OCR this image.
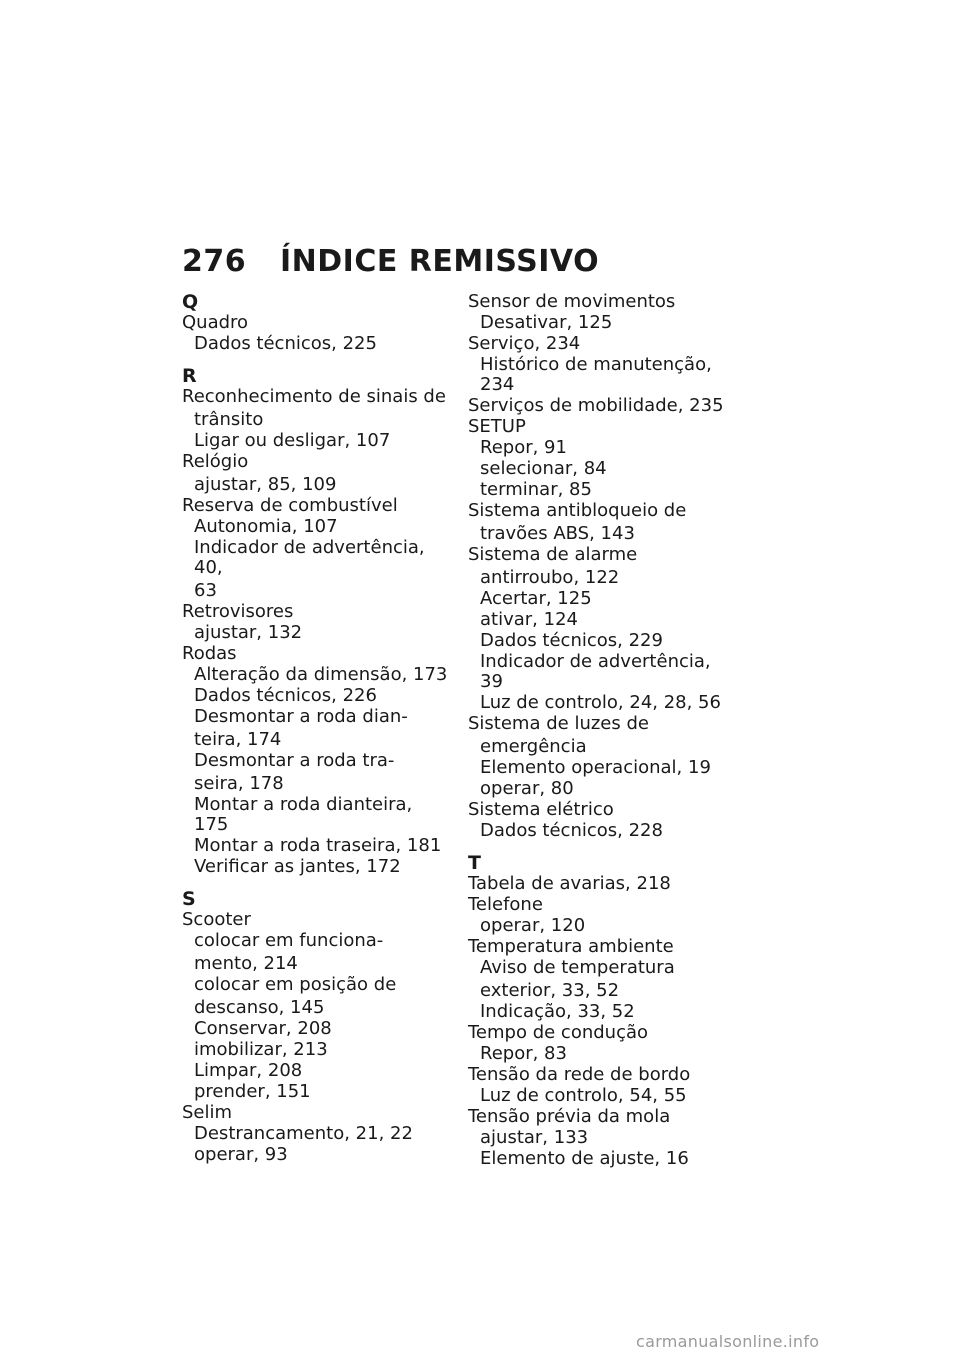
276 ÍNDICE REMISSIVO
Q
Quadro
Dados técnicos, 225
R
Reconhecimento de sinais de
trânsito
Ligar ou desligar, 107
Relógio
ajustar, 85, 109
Reserva de combustível
Autonomia, 107
Indicador de advertência, 40,
63
Retrovisores
ajustar, 132
Rodas
Alteração da dimensão, 173
Dados técnicos, 226
Desmontar a roda dian-
teira, 174
Desmontar a roda tra-
seira, 178
Montar a roda dianteira, 175
Montar a roda traseira, 181
Verificar as jantes, 172
S
Scooter
colocar em funciona-
mento, 214
colocar em posição de
descanso, 145
Conservar, 208
imobilizar, 213
Limpar, 208
prender, 151
Selim
Destrancamento, 21, 22
operar, 93
Sensor de movimentos
Desativar, 125
Serviço, 234
Histórico de manutenção, 234
Serviços de mobilidade, 235
SETUP
Repor, 91
selecionar, 84
terminar, 85
Sistema antibloqueio de
travões ABS, 143
Sistema de alarme
antirroubo, 122
Acertar, 125
ativar, 124
Dados técnicos, 229
Indicador de advertência, 39
Luz de controlo, 24, 28, 56
Sistema de luzes de
emergência
Elemento operacional, 19
operar, 80
Sistema elétrico
Dados técnicos, 228
T
Tabela de avarias, 218
Telefone
operar, 120
Temperatura ambiente
Aviso de temperatura
exterior, 33, 52
Indicação, 33, 52
Tempo de condução
Repor, 83
Tensão da rede de bordo
Luz de controlo, 54, 55
Tensão prévia da mola
ajustar, 133
Elemento de ajuste, 16
carmanualsonline.info
